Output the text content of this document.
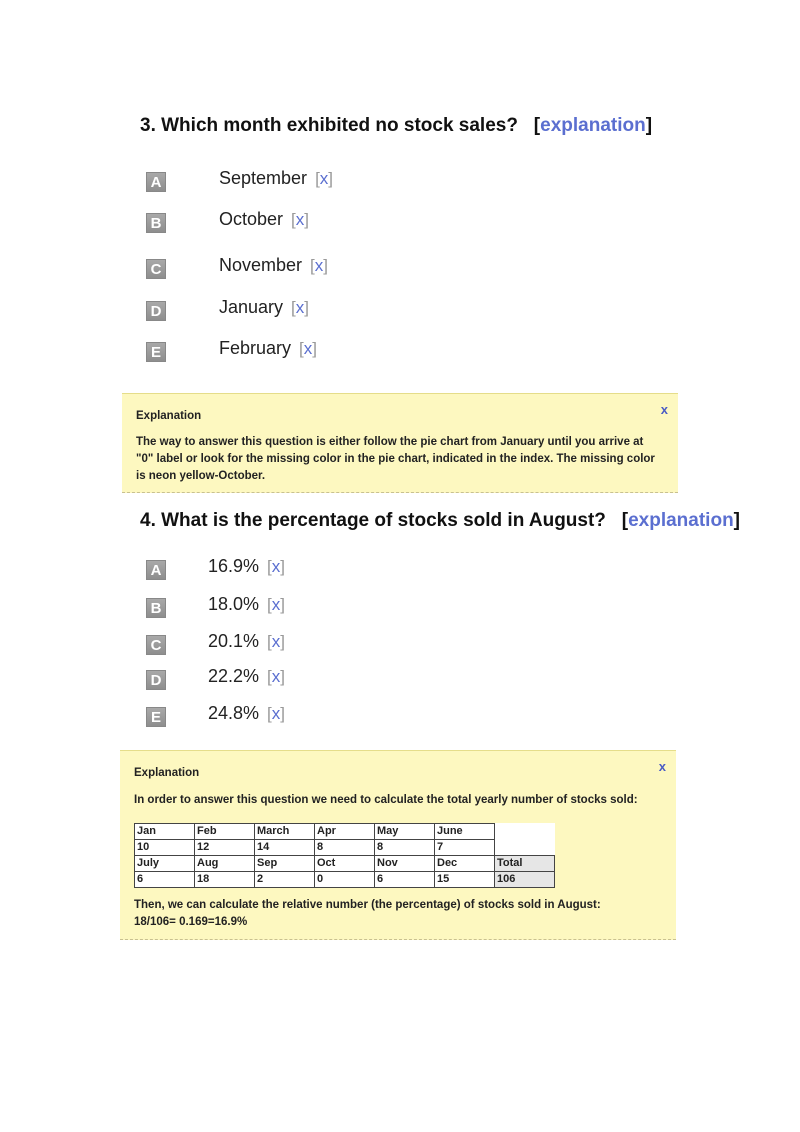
3. Which month exhibited no stock sales? [explanation]
A	September [x]
B	October [x]
C	November [x]
D	January [x]
E	February [x]
Explanation	x
The way to answer this question is either follow the pie chart from January until you arrive at "0" label or look for the missing color in the pie chart, indicated in the index. The missing color is neon yellow-October.
4. What is the percentage of stocks sold in August? [explanation]
A	16.9% [x]
B	18.0% [x]
C	20.1% [x]
D	22.2% [x]
E	24.8% [x]
Explanation	x
In order to answer this question we need to calculate the total yearly number of stocks sold:
Jan	Feb	March	Apr	May	June	
10	12	14	8	8	7	
July	Aug	Sep	Oct	Nov	Dec	Total
6	18	2	0	6	15	106
Then, we can calculate the relative number (the percentage) of stocks sold in August:
18/106= 0.169=16.9%
